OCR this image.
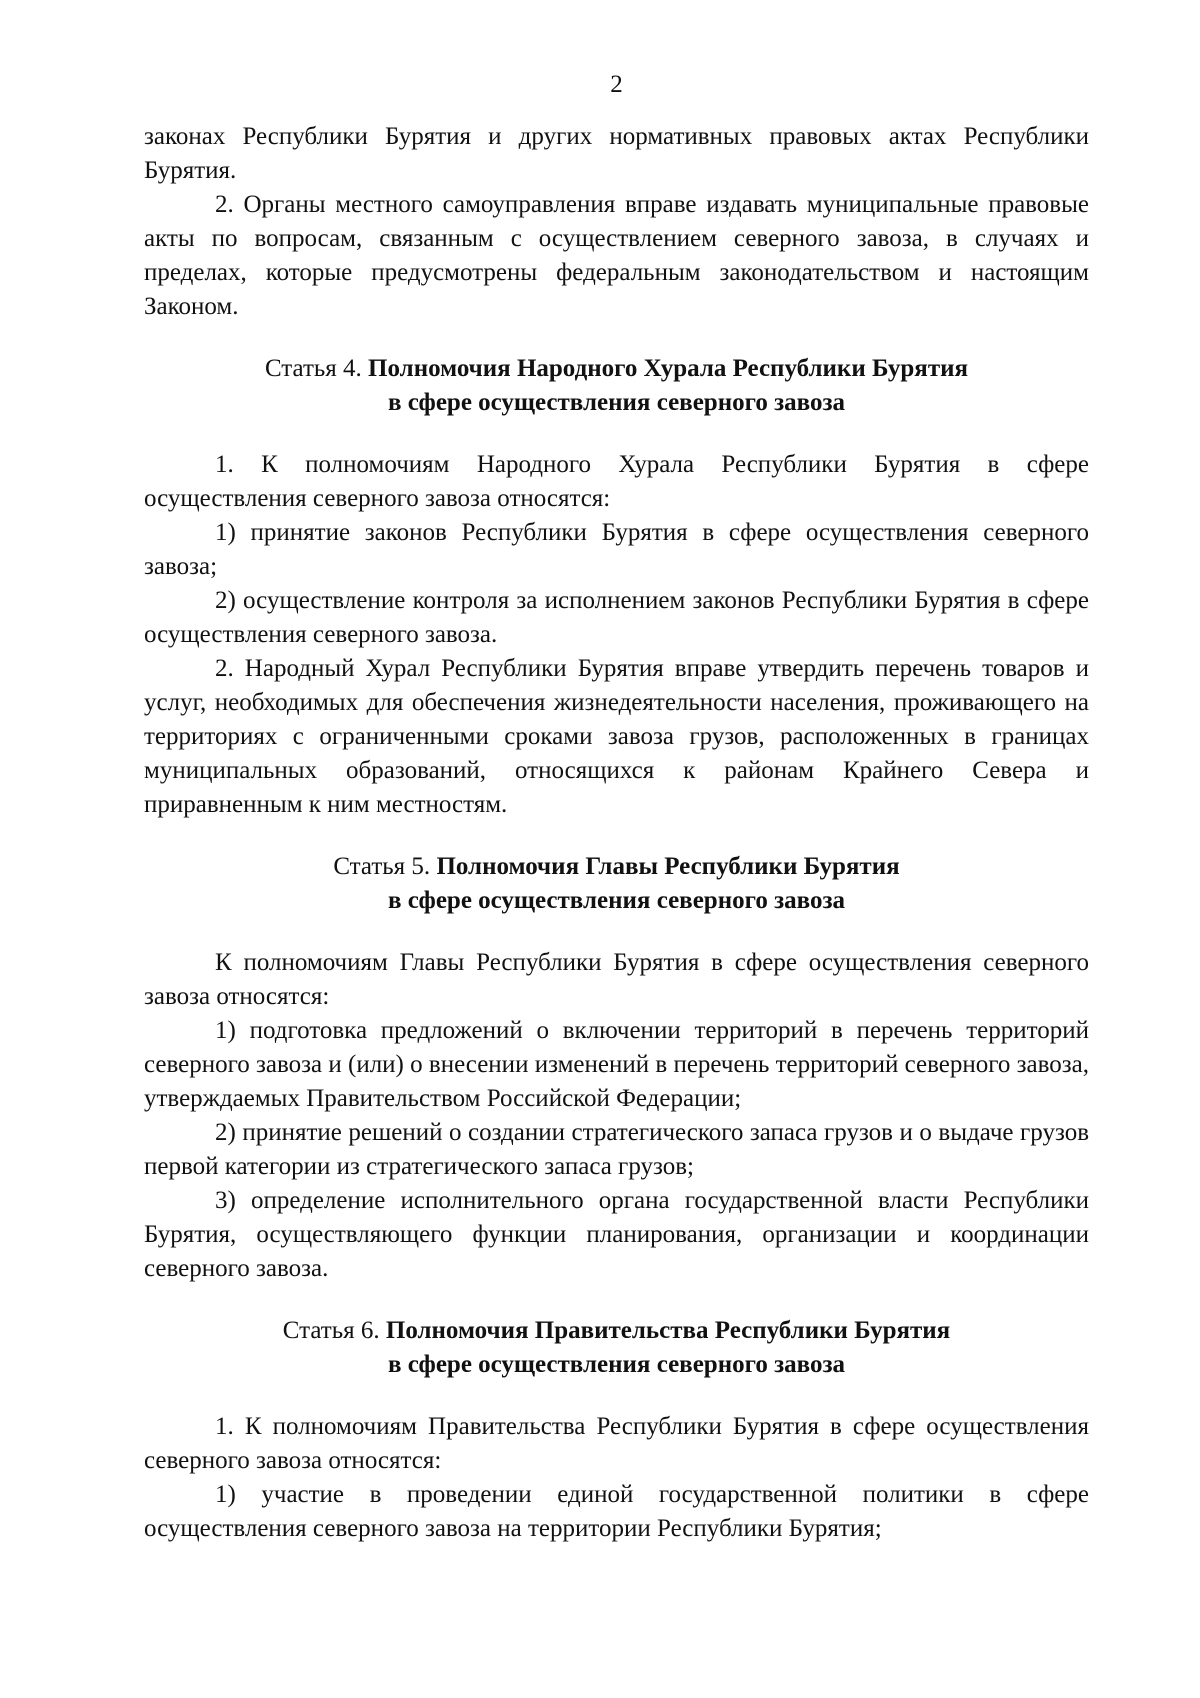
2

законах Республики Бурятия и других нормативных правовых актах Республики Бурятия.

2. Органы местного самоуправления вправе издавать муниципальные правовые акты по вопросам, связанным с осуществлением северного завоза, в случаях и пределах, которые предусмотрены федеральным законодательством и настоящим Законом.

Статья 4. Полномочия Народного Хурала Республики Бурятия
в сфере осуществления северного завоза

1. К полномочиям Народного Хурала Республики Бурятия в сфере осуществления северного завоза относятся:

1) принятие законов Республики Бурятия в сфере осуществления северного завоза;

2) осуществление контроля за исполнением законов Республики Бурятия в сфере осуществления северного завоза.

2. Народный Хурал Республики Бурятия вправе утвердить перечень товаров и услуг, необходимых для обеспечения жизнедеятельности населения, проживающего на территориях с ограниченными сроками завоза грузов, расположенных в границах муниципальных образований, относящихся к районам Крайнего Севера и приравненным к ним местностям.

Статья 5. Полномочия Главы Республики Бурятия
в сфере осуществления северного завоза

К полномочиям Главы Республики Бурятия в сфере осуществления северного завоза относятся:

1) подготовка предложений о включении территорий в перечень территорий северного завоза и (или) о внесении изменений в перечень территорий северного завоза, утверждаемых Правительством Российской Федерации;

2) принятие решений о создании стратегического запаса грузов и о выдаче грузов первой категории из стратегического запаса грузов;

3) определение исполнительного органа государственной власти Республики Бурятия, осуществляющего функции планирования, организации и координации северного завоза.

Статья 6. Полномочия Правительства Республики Бурятия
в сфере осуществления северного завоза

1. К полномочиям Правительства Республики Бурятия в сфере осуществления северного завоза относятся:

1) участие в проведении единой государственной политики в сфере осуществления северного завоза на территории Республики Бурятия;
